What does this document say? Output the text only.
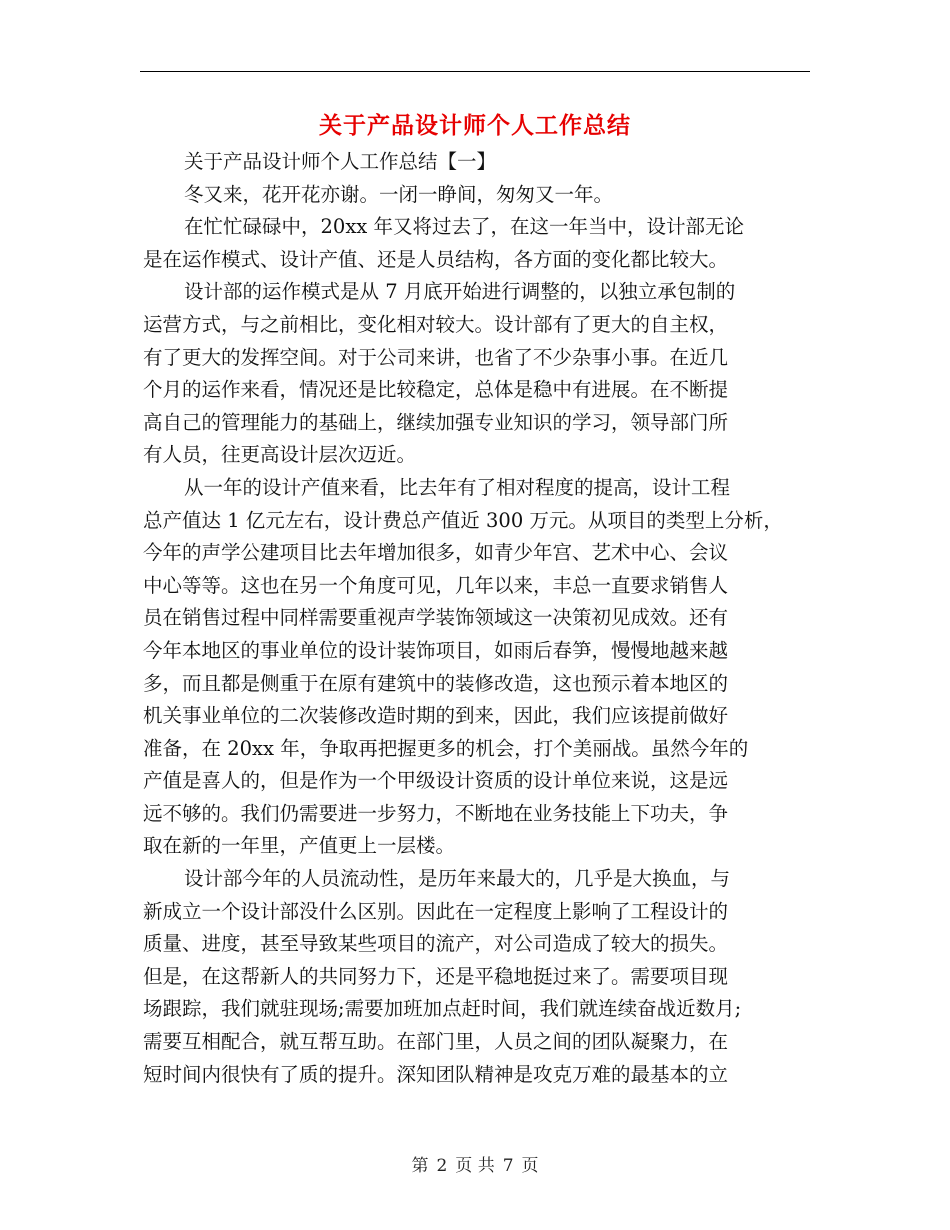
关于产品设计师个人工作总结
关于产品设计师个人工作总结【一】
冬又来，花开花亦谢。一闭一睁间，匆匆又一年。
在忙忙碌碌中，20xx 年又将过去了，在这一年当中，设计部无论
是在运作模式、设计产值、还是人员结构，各方面的变化都比较大。
设计部的运作模式是从 7 月底开始进行调整的，以独立承包制的
运营方式，与之前相比，变化相对较大。设计部有了更大的自主权，
有了更大的发挥空间。对于公司来讲，也省了不少杂事小事。在近几
个月的运作来看，情况还是比较稳定，总体是稳中有进展。在不断提
高自己的管理能力的基础上，继续加强专业知识的学习，领导部门所
有人员，往更高设计层次迈近。
从一年的设计产值来看，比去年有了相对程度的提高，设计工程
总产值达 1 亿元左右，设计费总产值近 300 万元。从项目的类型上分析，
今年的声学公建项目比去年增加很多，如青少年宫、艺术中心、会议
中心等等。这也在另一个角度可见，几年以来，丰总一直要求销售人
员在销售过程中同样需要重视声学装饰领域这一决策初见成效。还有
今年本地区的事业单位的设计装饰项目，如雨后春笋，慢慢地越来越
多，而且都是侧重于在原有建筑中的装修改造，这也预示着本地区的
机关事业单位的二次装修改造时期的到来，因此，我们应该提前做好
准备，在 20xx 年，争取再把握更多的机会，打个美丽战。虽然今年的
产值是喜人的，但是作为一个甲级设计资质的设计单位来说，这是远
远不够的。我们仍需要进一步努力，不断地在业务技能上下功夫，争
取在新的一年里，产值更上一层楼。
设计部今年的人员流动性，是历年来最大的，几乎是大换血，与
新成立一个设计部没什么区别。因此在一定程度上影响了工程设计的
质量、进度，甚至导致某些项目的流产，对公司造成了较大的损失。
但是，在这帮新人的共同努力下，还是平稳地挺过来了。需要项目现
场跟踪，我们就驻现场;需要加班加点赶时间，我们就连续奋战近数月;
需要互相配合，就互帮互助。在部门里，人员之间的团队凝聚力，在
短时间内很快有了质的提升。深知团队精神是攻克万难的最基本的立
第 2 页 共 7 页
